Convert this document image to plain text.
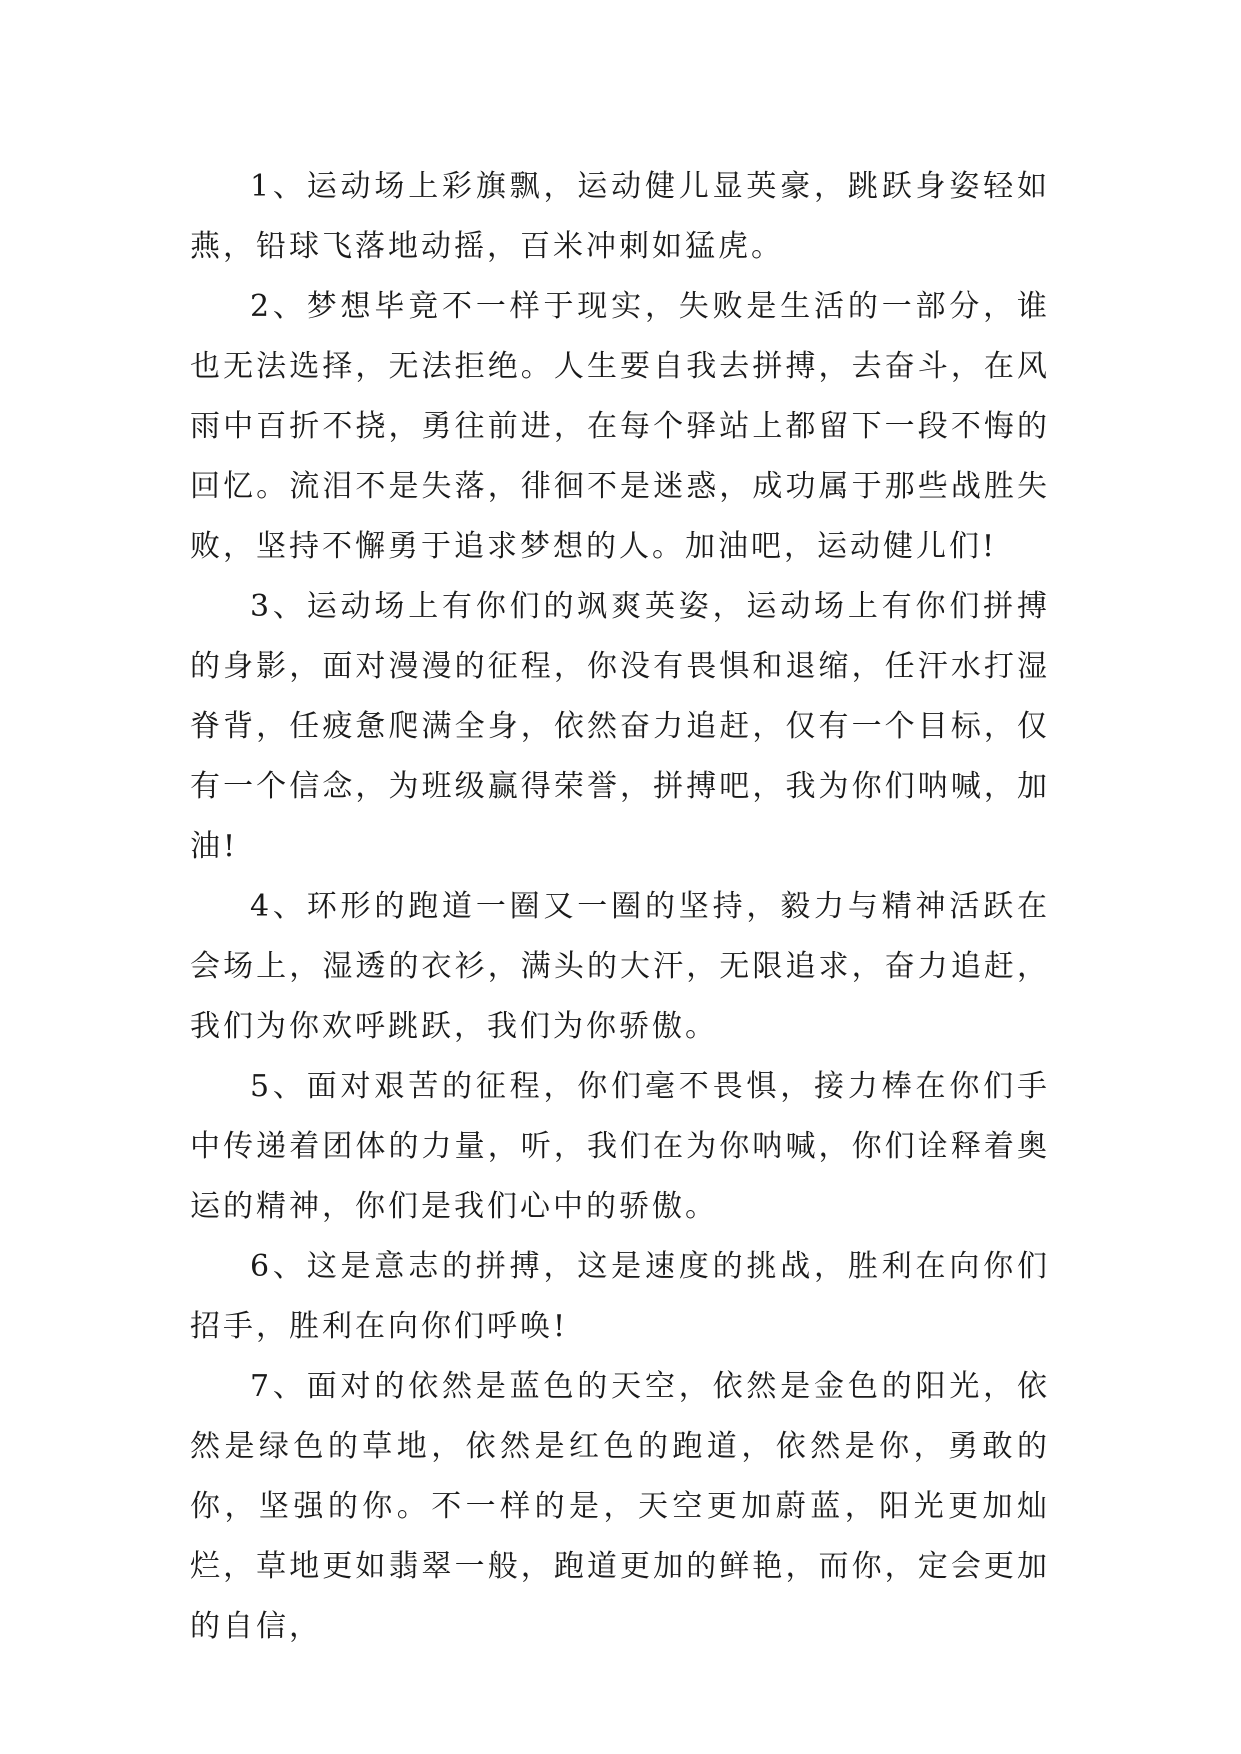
1、运动场上彩旗飘，运动健儿显英豪，跳跃身姿轻如燕，铅球飞落地动摇，百米冲刺如猛虎。

2、梦想毕竟不一样于现实，失败是生活的一部分，谁也无法选择，无法拒绝。人生要自我去拼搏，去奋斗，在风雨中百折不挠，勇往前进，在每个驿站上都留下一段不悔的回忆。流泪不是失落，徘徊不是迷惑，成功属于那些战胜失败，坚持不懈勇于追求梦想的人。加油吧，运动健儿们!

3、运动场上有你们的飒爽英姿，运动场上有你们拼搏的身影，面对漫漫的征程，你没有畏惧和退缩，任汗水打湿脊背，任疲惫爬满全身，依然奋力追赶，仅有一个目标，仅有一个信念，为班级赢得荣誉，拼搏吧，我为你们呐喊，加油!

4、环形的跑道一圈又一圈的坚持，毅力与精神活跃在会场上，湿透的衣衫，满头的大汗，无限追求，奋力追赶，我们为你欢呼跳跃，我们为你骄傲。

5、面对艰苦的征程，你们毫不畏惧，接力棒在你们手中传递着团体的力量，听，我们在为你呐喊，你们诠释着奥运的精神，你们是我们心中的骄傲。

6、这是意志的拼搏，这是速度的挑战，胜利在向你们招手，胜利在向你们呼唤!

7、面对的依然是蓝色的天空，依然是金色的阳光，依然是绿色的草地，依然是红色的跑道，依然是你，勇敢的你，坚强的你。不一样的是，天空更加蔚蓝，阳光更加灿烂，草地更如翡翠一般，跑道更加的鲜艳，而你，定会更加的自信，
